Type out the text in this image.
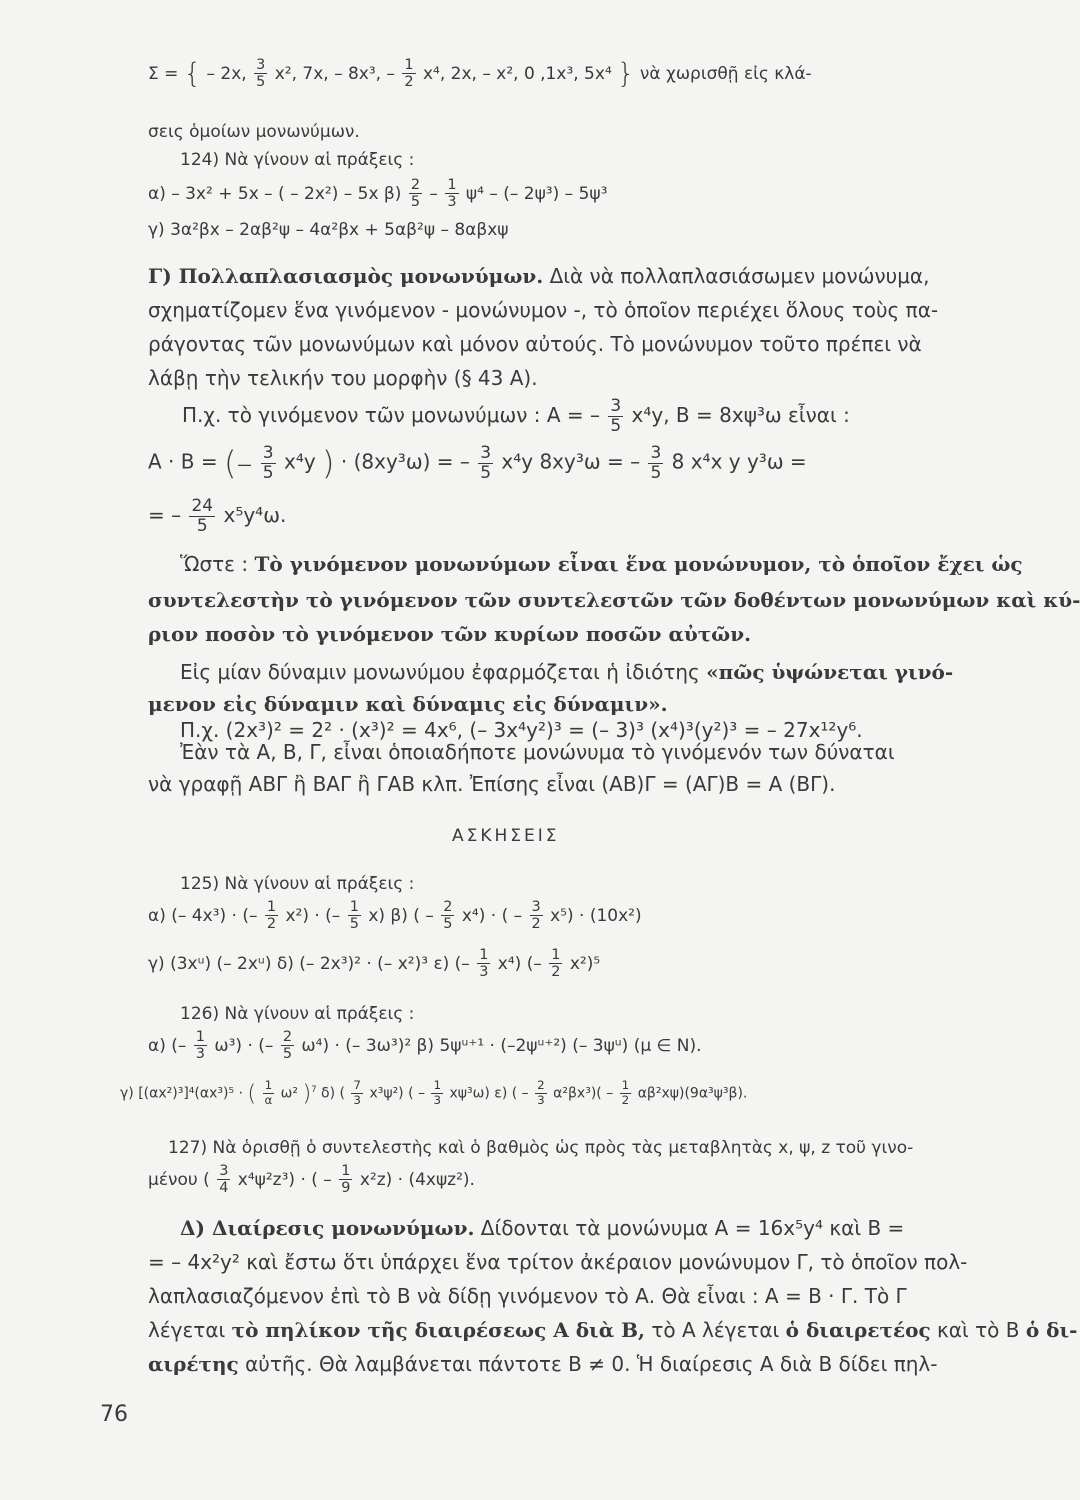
Σ = { – 2x, $\frac{3}{5} x^2$, 7x, – 8x³, – $\frac{1}{2} x^4$, 2x, – x², 0 ,1x³, 5x⁴ } νὰ χωρισθῇ εἰς κλά-
σεις ὁμοίων μονωνύμων.
124) Νὰ γίνουν αἱ πράξεις :
α) – 3x² + 5x – ( – 2x²) – 5x $\beta) \frac{2}{5} - \frac{1}{3} \psi^4$ – (– 2ψ³) – 5ψ³
γ) 3α²βx – 2αβ²ψ – 4α²βx + 5αβ²ψ – 8αβxψ
Γ) Πολλαπλασιασμὸς μονωνύμων. Διὰ νὰ πολλαπλασιάσωμεν μονώνυμα,
σχηματίζομεν ἕνα γινόμενον - μονώνυμον -, τὸ ὁποῖον περιέχει ὅλους τοὺς πα-
ράγοντας τῶν μονωνύμων καὶ μόνον αὐτούς. Τὸ μονώνυμον τοῦτο πρέπει νὰ
λάβῃ τὴν τελικήν του μορφὴν (§ 43 Α).
Π.χ. τὸ γινόμενον τῶν μονωνύμων : Α = – $\frac{3}{5} x^4y$, Β = 8xψ³ω εἶναι :
Α · Β = (– $\frac{3}{5} x^4y$ ) · (8xy³ω) = – $\frac{3}{5} x^4y$ 8xy³ω = – $\frac{3}{5} 8$ x⁴x y y³ω =
= – $\frac{24}{5} x^5y^4\omega$.
Ὥστε : Τὸ γινόμενον μονωνύμων εἶναι ἕνα μονώνυμον, τὸ ὁποῖον ἔχει ὡς
συντελεστὴν τὸ γινόμενον τῶν συντελεστῶν τῶν δοθέντων μονωνύμων καὶ κύ-
ριον ποσὸν τὸ γινόμενον τῶν κυρίων ποσῶν αὐτῶν.
Εἰς μίαν δύναμιν μονωνύμου ἐφαρμόζεται ἡ ἰδιότης «πῶς ὑψώνεται γινό-
μενον εἰς δύναμιν καὶ δύναμις εἰς δύναμιν».
Π.χ. (2x³)² = 2² · (x³)² = 4x⁶, (– 3x⁴y²)³ = (– 3)³ (x⁴)³(y²)³ = – 27x¹²y⁶.
Ἐὰν τὰ Α, Β, Γ, εἶναι ὁποιαδήποτε μονώνυμα τὸ γινόμενόν των δύναται
νὰ γραφῇ ΑΒΓ ἢ ΒΑΓ ἢ ΓΑΒ κλπ. Ἐπίσης εἶναι (ΑΒ)Γ = (ΑΓ)Β = Α (ΒΓ).
ΑΣΚΗΣΕΙΣ
125) Νὰ γίνουν αἱ πράξεις :
α) (– 4x³) · (– $\frac{1}{2} x^2$) · (– $\frac{1}{5} x$) β) ( – $\frac{2}{5} x^4$) · ( – $\frac{3}{2} x^5) \cdot (10x^2)$
γ) (3xᵘ) (– 2xᵘ) δ) (– 2x³)² · (– x²)³ ε) (– $\frac{1}{3} x^4$) (– $\frac{1}{2} x^2)^5$
126) Νὰ γίνουν αἱ πράξεις :
α) (– $\frac{1}{3} \omega^3$) · (– $\frac{2}{5} \omega^4$) · (– 3ω³)² β) 5ψᵘ⁺¹ · (–2ψᵘ⁺²) (– 3ψᵘ) (μ ∈ Ν).
γ) [(αx²)³]⁴(αx³)⁵ · ( $\frac{1}{\alpha} \omega^2$ )$^7$ δ) ( $\frac{7}{3} x^3\psi^2$) ( – $\frac{1}{3} x\psi^3\omega$) ε) ( – $\frac{2}{3} \alpha^2\beta x^3)( - \frac{1}{2} \alpha\beta^2x\psi)(9\alpha^3\psi^3\beta)$.
127) Νὰ ὁρισθῇ ὁ συντελεστὴς καὶ ὁ βαθμὸς ὡς πρὸς τὰς μεταβλητὰς x, ψ, z τοῦ γινο-
μένου ( $\frac{3}{4} x^4\psi^2z^3$) · ( – $\frac{1}{9} x^2z) \cdot (4x\psi z^2)$.
Δ) Διαίρεσις μονωνύμων. Δίδονται τὰ μονώνυμα Α = 16x⁵y⁴ καὶ Β =
= – 4x²y² καὶ ἔστω ὅτι ὑπάρχει ἕνα τρίτον ἀκέραιον μονώνυμον Γ, τὸ ὁποῖον πολ-
λαπλασιαζόμενον ἐπὶ τὸ Β νὰ δίδῃ γινόμενον τὸ Α. Θὰ εἶναι : Α = Β · Γ. Τὸ Γ
λέγεται τὸ πηλίκον τῆς διαιρέσεως Α διὰ Β, τὸ Α λέγεται ὁ διαιρετέος καὶ τὸ Β ὁ δι-
αιρέτης αὐτῆς. Θὰ λαμβάνεται πάντοτε Β ≠ 0. Ἡ διαίρεσις Α διὰ Β δίδει πηλ-
76
